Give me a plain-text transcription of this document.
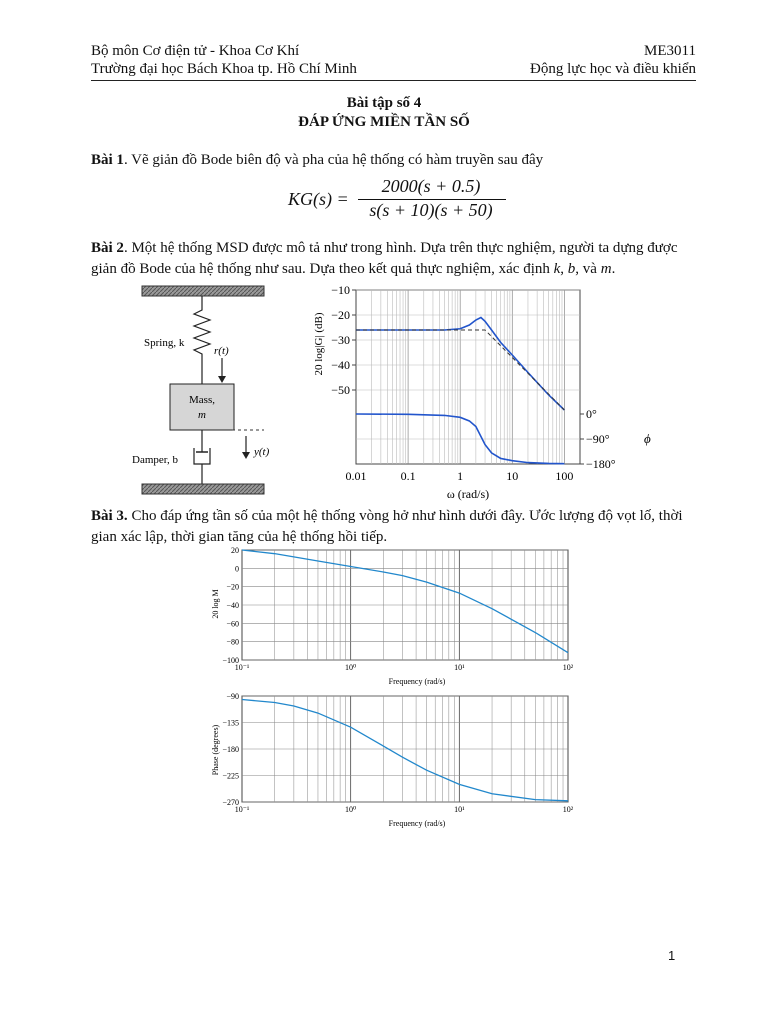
Bộ môn Cơ điện tử - Khoa Cơ Khí	ME3011
Trường đại học Bách Khoa tp. Hồ Chí Minh	Động lực học và điều khiển
Bài tập số 4
ĐÁP ỨNG MIỀN TẦN SỐ
Bài 1. Vẽ giản đồ Bode biên độ và pha của hệ thống có hàm truyền sau đây
KG(s) =
2000(s + 0.5)
s(s + 10)(s + 50)
Bài 2. Một hệ thống MSD được mô tả như trong hình. Dựa trên thực nghiệm, người ta dựng được giản đồ Bode của hệ thống như sau. Dựa theo kết quả thực nghiệm, xác định k, b, và m.
Spring, k
r(t)
Mass,
m
Damper, b
y(t)
−10
−20
−30
−40
−50
0°
−90°
−180°
ϕ
0.01	0.1	1	10	100
ω (rad/s)
20 log|G| (dB)
Bài 3. Cho đáp ứng tần số của một hệ thống vòng hở như hình dưới đây. Ước lượng độ vọt lố, thời gian xác lập, thời gian tăng của hệ thống hồi tiếp.
20
0
−20
−40
−60
−80
−100
10⁻¹	10⁰	10¹	10²
Frequency (rad/s)
20 log M
−90
−135
−180
−225
−270
10⁻¹	10⁰	10¹	10²
Frequency (rad/s)
Phase (degrees)
1
